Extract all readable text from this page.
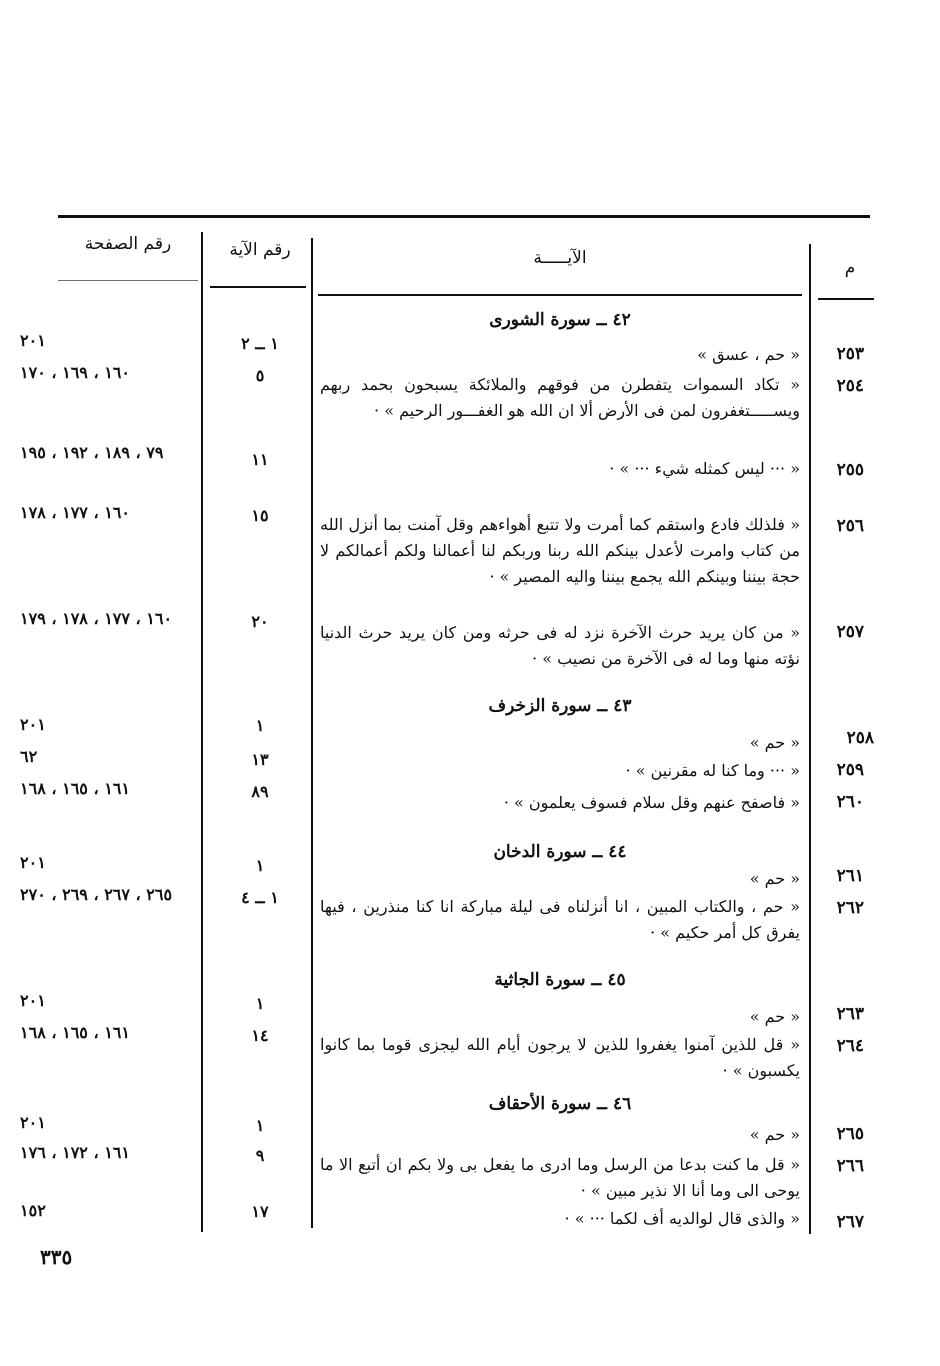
م
الآيـــــة
رقم الآية
رقم الصفحة
٤٢ ــ سورة الشورى
٢٥٣
« حم ، عسق »
١ ــ ٢
٢٠١
٢٥٤
« تكاد السموات يتفطرن من فوقهم والملائكة يسبحون بحمد ربهم ويســـــتغفرون لمن فى الأرض ألا ان الله هو الغفـــور الرحيم » ·
٥
١٦٠ ، ١٦٩ ، ١٧٠
٢٥٥
« ··· ليس كمثله شيء ··· » ·
١١
٧٩ ، ١٨٩ ، ١٩٢ ، ١٩٥
٢٥٦
« فلذلك فادع واستقم كما أمرت ولا تتبع أهواءهم وقل آمنت بما أنزل الله من كتاب وامرت لأعدل بينكم الله ربنا وربكم لنا أعمالنا ولكم أعمالكم لا حجة بيننا وبينكم الله يجمع بيننا واليه المصير » ·
١٥
١٦٠ ، ١٧٧ ، ١٧٨
٢٥٧
« من كان يريد حرث الآخرة نزد له فى حرثه ومن كان يريد حرث الدنيا نؤته منها وما له فى الآخرة من نصيب » ·
٢٠
١٦٠ ، ١٧٧ ، ١٧٨ ، ١٧٩
٤٣ ــ سورة الزخرف
٢٥٨
« حم »
١
٢٠١
٢٥٩
« ··· وما كنا له مقرنين » ·
١٣
٦٢
٢٦٠
« فاصفح عنهم وقل سلام فسوف يعلمون » ·
٨٩
١٦١ ، ١٦٥ ، ١٦٨
٤٤ ــ سورة الدخان
٢٦١
« حم »
١
٢٠١
٢٦٢
« حم ، والكتاب المبين ، انا أنزلناه فى ليلة مباركة انا كنا منذرين ، فيها يفرق كل أمر حكيم » ·
١ ــ ٤
٢٦٥ ، ٢٦٧ ، ٢٦٩ ، ٢٧٠
٤٥ ــ سورة الجاثية
٢٦٣
« حم »
١
٢٠١
٢٦٤
« قل للذين آمنوا يغفروا للذين لا يرجون أيام الله ليجزى قوما بما كانوا يكسبون » ·
١٤
١٦١ ، ١٦٥ ، ١٦٨
٤٦ ــ سورة الأحقاف
٢٦٥
« حم »
١
٢٠١
٢٦٦
« قل ما كنت بدعا من الرسل وما ادرى ما يفعل بى ولا بكم ان أتبع الا ما يوحى الى وما أنا الا نذير مبين » ·
٩
١٦١ ، ١٧٢ ، ١٧٦
٢٦٧
« والذى قال لوالديه أف لكما ··· » ·
١٧
١٥٢
٣٣٥
